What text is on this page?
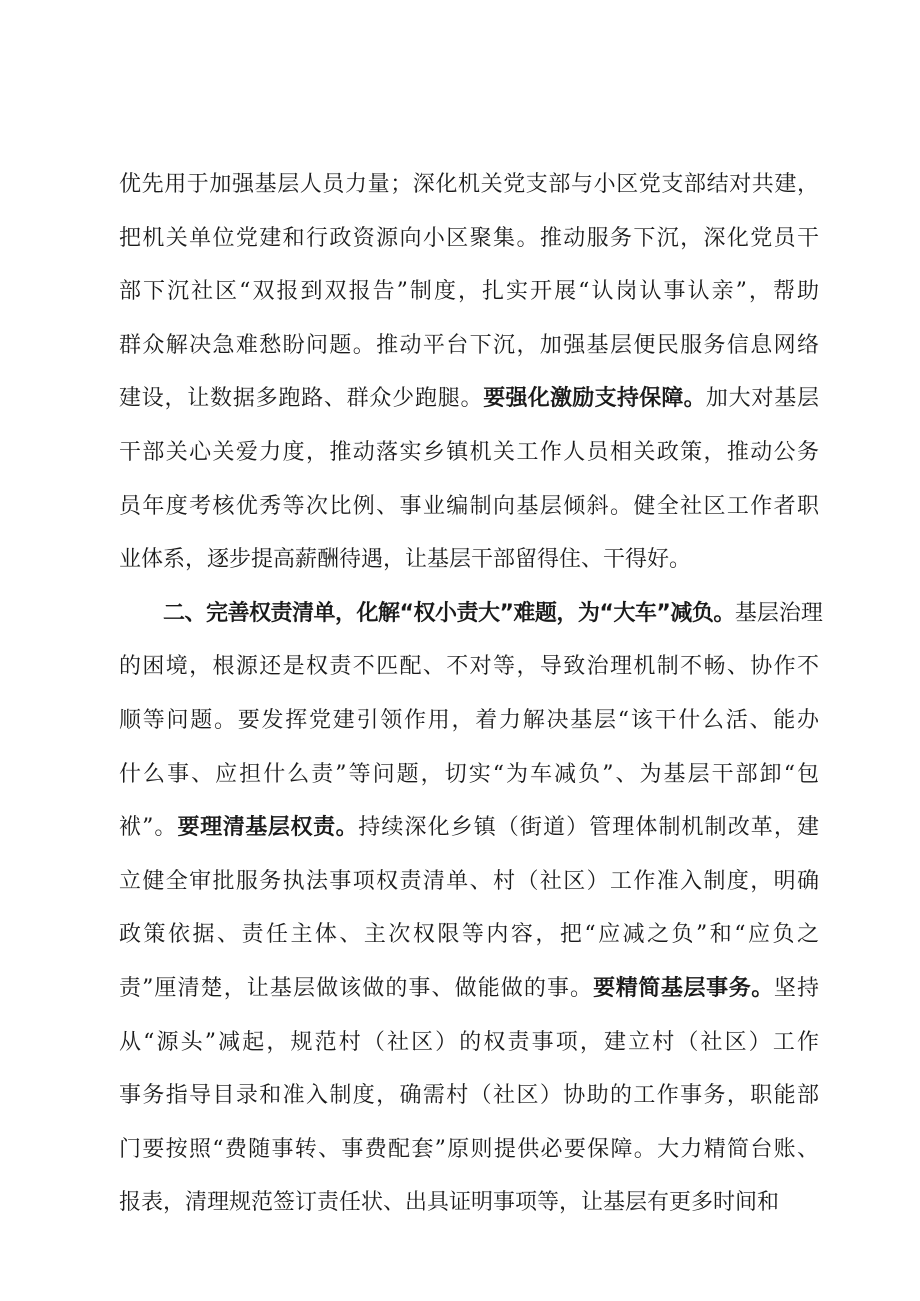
优先用于加强基层人员力量；深化机关党支部与小区党支部结对共建，
把机关单位党建和行政资源向小区聚集。推动服务下沉，深化党员干
部下沉社区“双报到双报告”制度，扎实开展“认岗认事认亲”，帮助
群众解决急难愁盼问题。推动平台下沉，加强基层便民服务信息网络
建设，让数据多跑路、群众少跑腿。要强化激励支持保障。加大对基层
干部关心关爱力度，推动落实乡镇机关工作人员相关政策，推动公务
员年度考核优秀等次比例、事业编制向基层倾斜。健全社区工作者职
业体系，逐步提高薪酬待遇，让基层干部留得住、干得好。
二、完善权责清单，化解“权小责大”难题，为“大车”减负。基层治理
的困境，根源还是权责不匹配、不对等，导致治理机制不畅、协作不
顺等问题。要发挥党建引领作用，着力解决基层“该干什么活、能办
什么事、应担什么责”等问题，切实“为车减负”、为基层干部卸“包
袱”。要理清基层权责。持续深化乡镇（街道）管理体制机制改革，建
立健全审批服务执法事项权责清单、村（社区）工作准入制度，明确
政策依据、责任主体、主次权限等内容，把“应减之负”和“应负之
责”厘清楚，让基层做该做的事、做能做的事。要精简基层事务。坚持
从“源头”减起，规范村（社区）的权责事项，建立村（社区）工作
事务指导目录和准入制度，确需村（社区）协助的工作事务，职能部
门要按照“费随事转、事费配套”原则提供必要保障。大力精简台账、
报表，清理规范签订责任状、出具证明事项等，让基层有更多时间和
